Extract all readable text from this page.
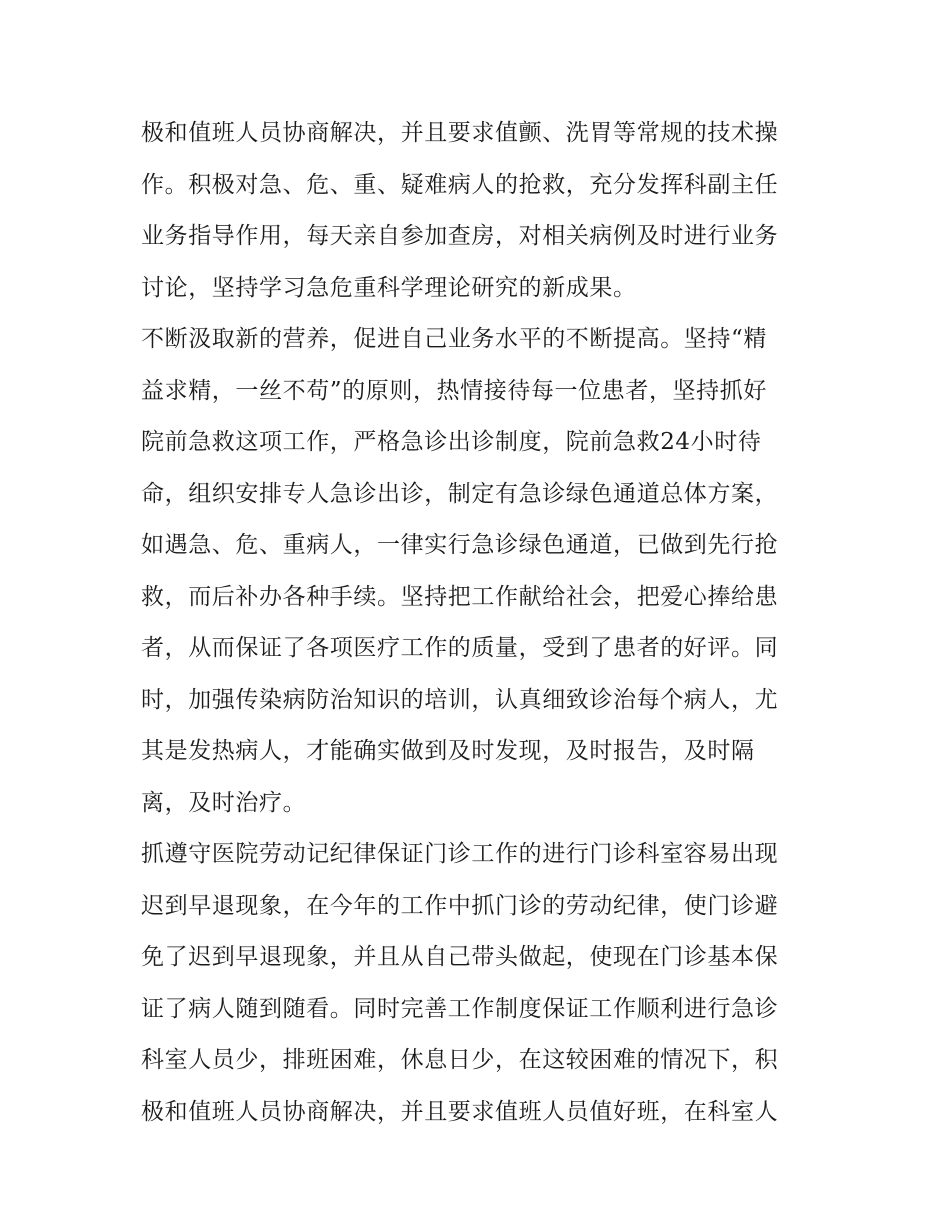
极和值班人员协商解决，并且要求值颤、洗胃等常规的技术操
作。积极对急、危、重、疑难病人的抢救，充分发挥科副主任
业务指导作用，每天亲自参加查房，对相关病例及时进行业务
讨论，坚持学习急危重科学理论研究的新成果。
不断汲取新的营养，促进自己业务水平的不断提高。坚持“精
益求精，一丝不苟”的原则，热情接待每一位患者，坚持抓好
院前急救这项工作，严格急诊出诊制度，院前急救24小时待
命，组织安排专人急诊出诊，制定有急诊绿色通道总体方案，
如遇急、危、重病人，一律实行急诊绿色通道，已做到先行抢
救，而后补办各种手续。坚持把工作献给社会，把爱心捧给患
者，从而保证了各项医疗工作的质量，受到了患者的好评。同
时，加强传染病防治知识的培训，认真细致诊治每个病人，尤
其是发热病人，才能确实做到及时发现，及时报告，及时隔
离，及时治疗。
抓遵守医院劳动记纪律保证门诊工作的进行门诊科室容易出现
迟到早退现象，在今年的工作中抓门诊的劳动纪律，使门诊避
免了迟到早退现象，并且从自己带头做起，使现在门诊基本保
证了病人随到随看。同时完善工作制度保证工作顺利进行急诊
科室人员少，排班困难，休息日少，在这较困难的情况下，积
极和值班人员协商解决，并且要求值班人员值好班，在科室人
